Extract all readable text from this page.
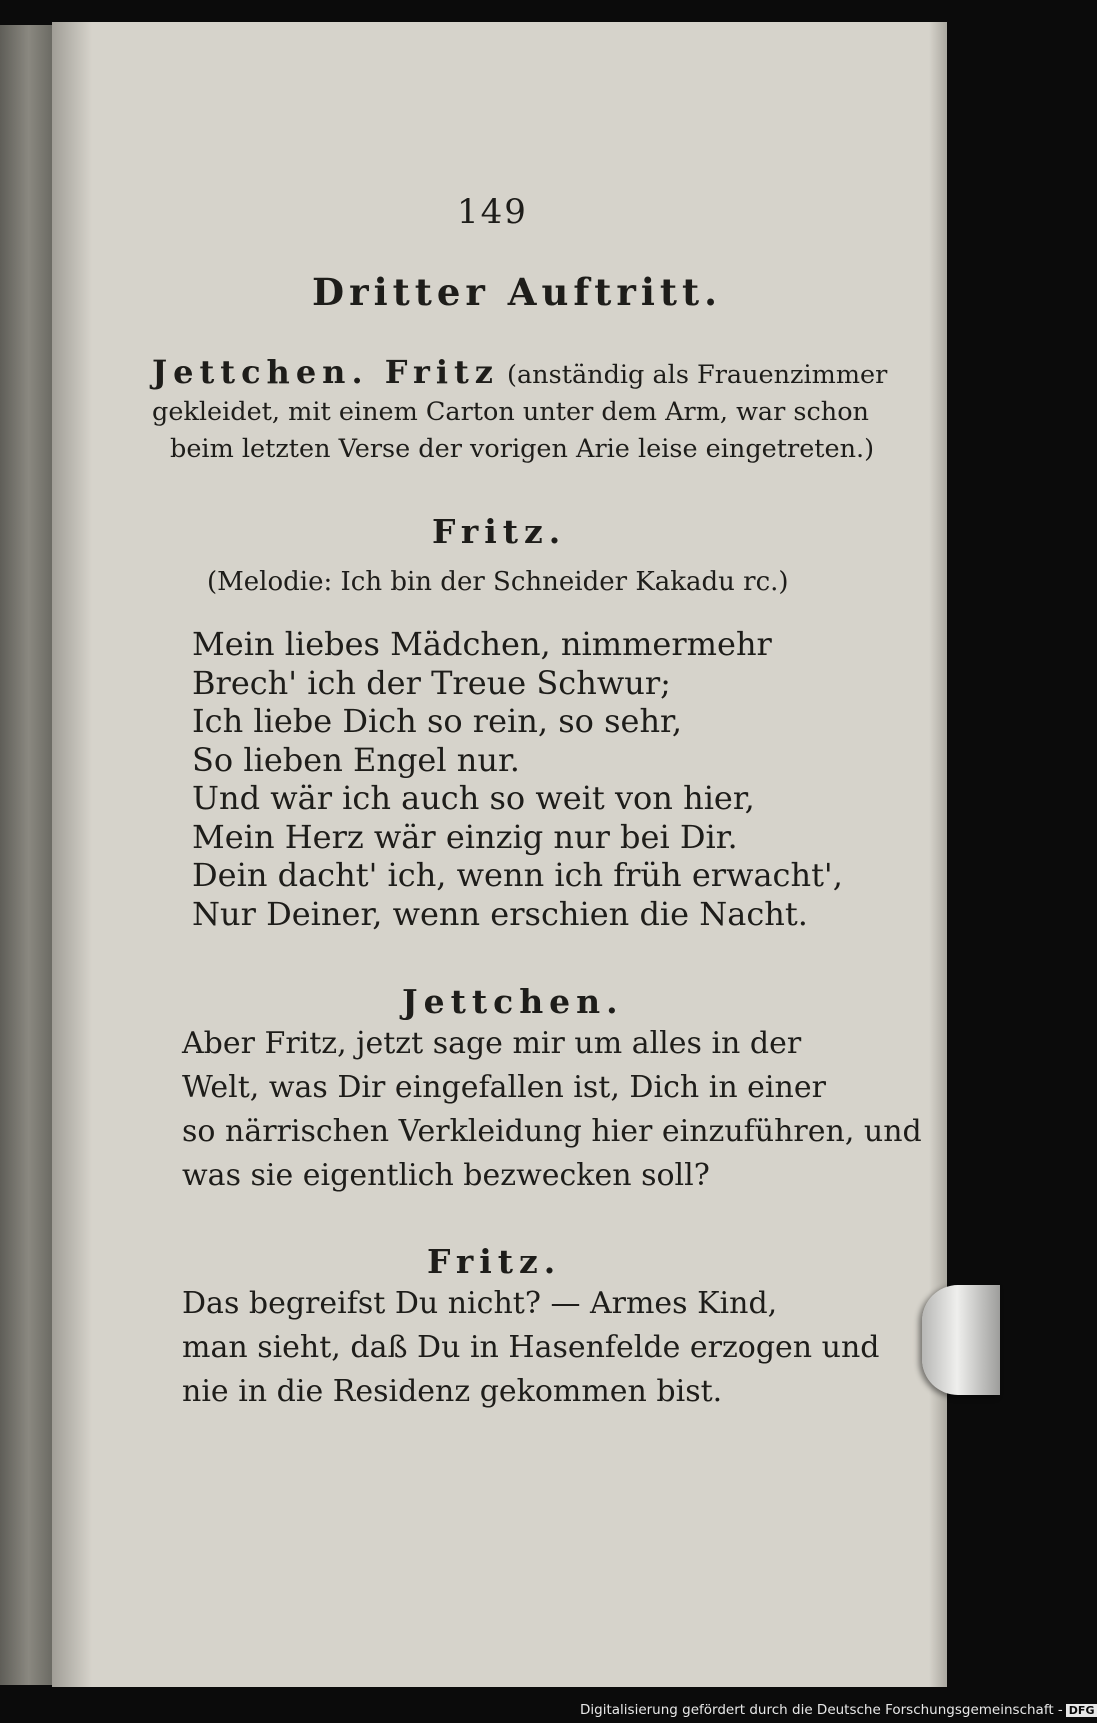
149
Dritter Auftritt.
Jettchen. Fritz (anständig als Frauenzimmer
gekleidet, mit einem Carton unter dem Arm, war schon
beim letzten Verse der vorigen Arie leise eingetreten.)
Fritz.
(Melodie: Ich bin der Schneider Kakadu rc.)
Mein liebes Mädchen, nimmermehr
Brech' ich der Treue Schwur;
Ich liebe Dich so rein, so sehr,
So lieben Engel nur.
Und wär ich auch so weit von hier,
Mein Herz wär einzig nur bei Dir.
Dein dacht' ich, wenn ich früh erwacht',
Nur Deiner, wenn erschien die Nacht.
Jettchen.
Aber Fritz, jetzt sage mir um alles in der
Welt, was Dir eingefallen ist, Dich in einer
so närrischen Verkleidung hier einzuführen, und
was sie eigentlich bezwecken soll?
Fritz.
Das begreifst Du nicht? — Armes Kind,
man sieht, daß Du in Hasenfelde erzogen und
nie in die Residenz gekommen bist.
Digitalisierung gefördert durch die Deutsche Forschungsgemeinschaft - DFG
